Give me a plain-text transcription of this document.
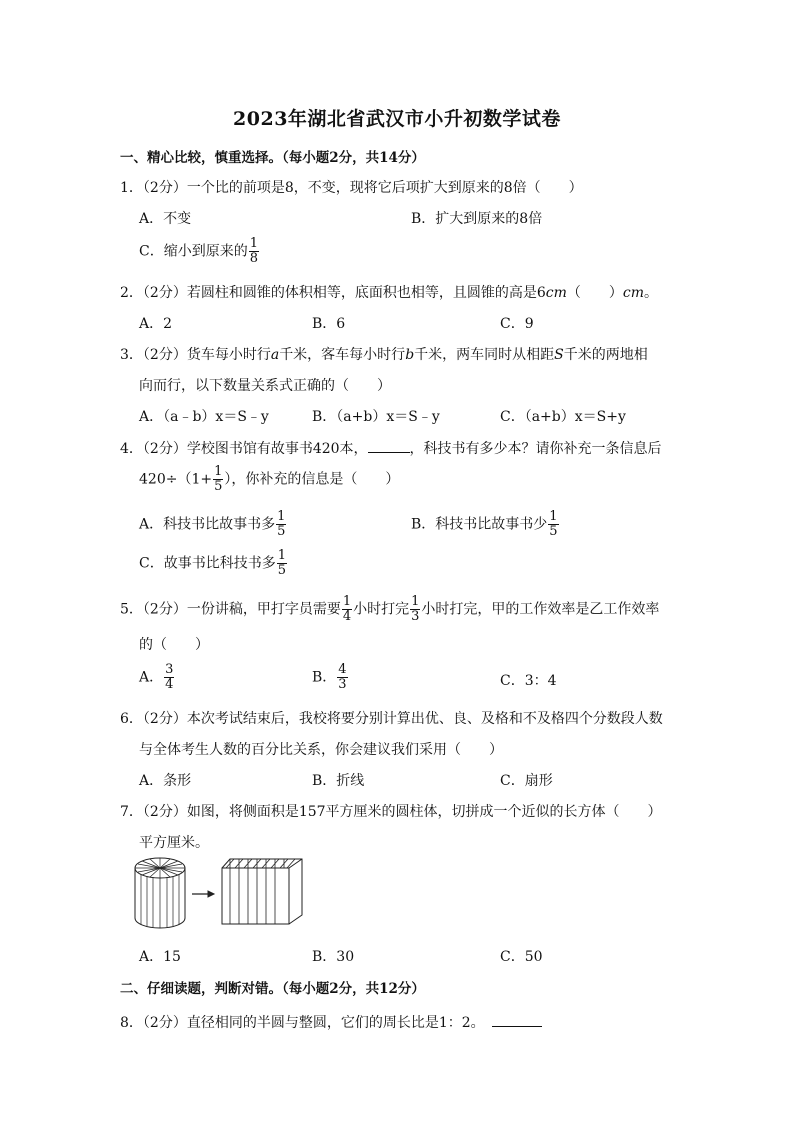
2023年湖北省武汉市小升初数学试卷
一、精心比较，慎重选择。（每小题2分，共14分）
1．（2分）一个比的前项是8，不变，现将它后项扩大到原来的8倍（　　）
A．不变	B．扩大到原来的8倍
C．缩小到原来的 $\frac{1}{8}$
2．（2分）若圆柱和圆锥的体积相等，底面积也相等，且圆锥的高是6cm（　　）cm。
A．2	B．6	C．9
3．（2分）货车每小时行a千米，客车每小时行b千米，两车同时从相距S千米的两地相
向而行，以下数量关系式正确的（　　）
A．（a﹣b）x＝S﹣y	B．（a+b）x＝S﹣y	C．（a+b）x＝S+y
4．（2分）学校图书馆有故事书420本，	，科技书有多少本？请你补充一条信息后
$420\div(1+ \frac{1}{5}$ ），你补充的信息是（　　）
A．科技书比故事书多 $\frac{1}{5}$	B．科技书比故事书少 $\frac{1}{5}$
C．故事书比科技书多 $\frac{1}{5}$
5．（2分）一份讲稿，甲打字员需要 $\frac{1}{4}$ 小时打完 $\frac{1}{3}$ 小时打完，甲的工作效率是乙工作效率
的（　　）
A． $\frac{3}{4}$	B． $\frac{4}{3}$	C．3：4
6．（2分）本次考试结束后，我校将要分别计算出优、良、及格和不及格四个分数段人数
与全体考生人数的百分比关系，你会建议我们采用（　　）
A．条形	B．折线	C．扇形
7．（2分）如图，将侧面积是157平方厘米的圆柱体，切拼成一个近似的长方体（　　）
平方厘米。
A．15	B．30	C．50
二、仔细读题，判断对错。（每小题2分，共12分）
8．（2分）直径相同的半圆与整圆，它们的周长比是1：2。 
